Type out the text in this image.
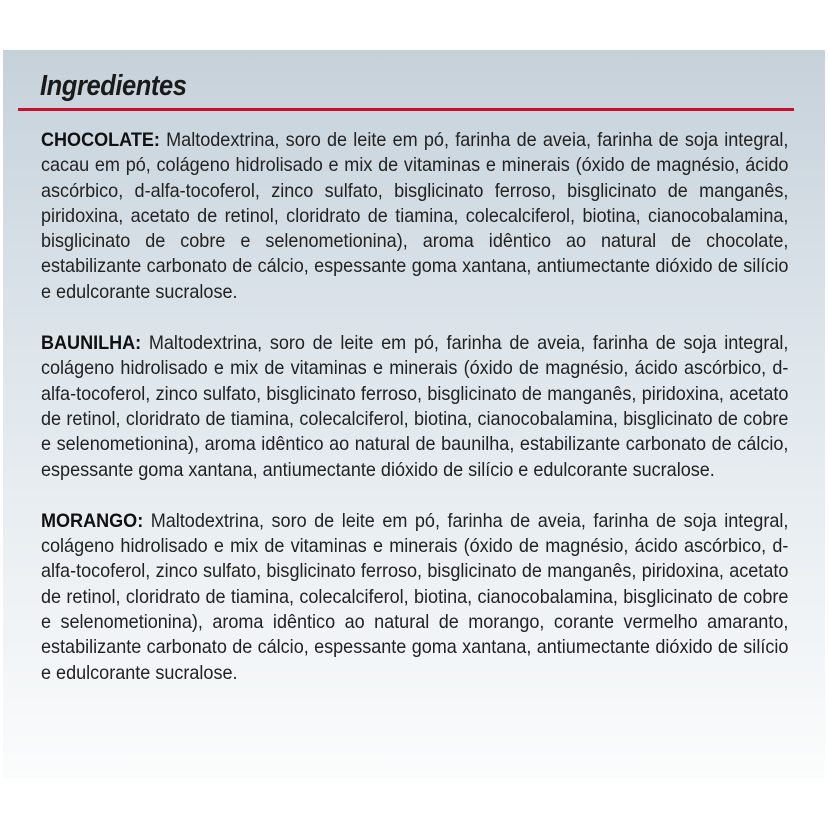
Ingredientes

CHOCOLATE: Maltodextrina, soro de leite em pó, farinha de aveia, farinha de soja integral, cacau em pó, colágeno hidrolisado e mix de vitaminas e minerais (óxido de magnésio, ácido ascórbico, d-alfa-tocoferol, zinco sulfato, bisglicinato ferroso, bisglicinato de manganês, piridoxina, acetato de retinol, cloridrato de tiamina, colecalciferol, biotina, cianocobalamina, bisglicinato de cobre e selenometionina), aroma idêntico ao natural de chocolate, estabilizante carbonato de cálcio, espessante goma xantana, antiumectante dióxido de silício e edulcorante sucralose.

BAUNILHA: Maltodextrina, soro de leite em pó, farinha de aveia, farinha de soja integral, colágeno hidrolisado e mix de vitaminas e minerais (óxido de magnésio, ácido ascórbico, d-alfa-tocoferol, zinco sulfato, bisglicinato ferroso, bisglicinato de manganês, piridoxina, acetato de retinol, cloridrato de tiamina, colecalciferol, biotina, cianocobalamina, bisglicinato de cobre e selenometionina), aroma idêntico ao natural de baunilha, estabilizante carbonato de cálcio, espessante goma xantana, antiumectante dióxido de silício e edulcorante sucralose.

MORANGO: Maltodextrina, soro de leite em pó, farinha de aveia, farinha de soja integral, colágeno hidrolisado e mix de vitaminas e minerais (óxido de magnésio, ácido ascórbico, d-alfa-tocoferol, zinco sulfato, bisglicinato ferroso, bisglicinato de manganês, piridoxina, acetato de retinol, cloridrato de tiamina, colecalciferol, biotina, cianocobalamina, bisglicinato de cobre e selenometionina), aroma idêntico ao natural de morango, corante vermelho amaranto, estabilizante carbonato de cálcio, espessante goma xantana, antiumectante dióxido de silício e edulcorante sucralose.
